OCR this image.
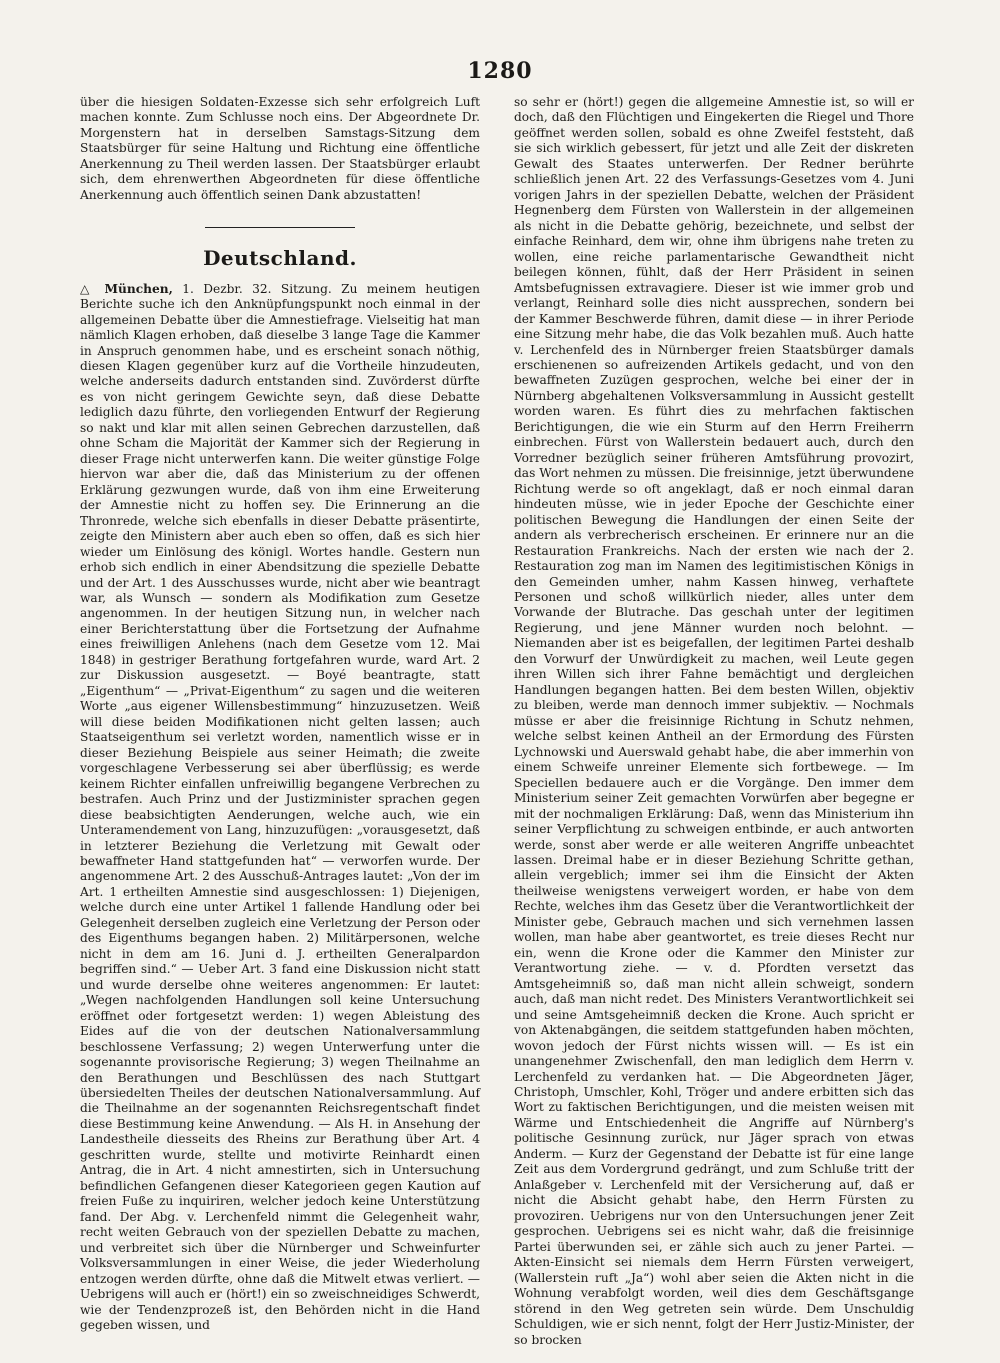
1280

über die hiesigen Soldaten-Exzesse sich sehr erfolgreich Luft machen konnte. Zum Schlusse noch eins. Der Abgeordnete Dr. Morgenstern hat in derselben Samstags-Sitzung dem Staatsbürger für seine Haltung und Richtung eine öffentliche Anerkennung zu Theil werden lassen. Der Staatsbürger erlaubt sich, dem ehrenwerthen Abgeordneten für diese öffentliche Anerkennung auch öffentlich seinen Dank abzustatten!

Deutschland.

△ München, 1. Dezbr. 32. Sitzung. Zu meinem heutigen Berichte suche ich den Anknüpfungspunkt noch einmal in der allgemeinen Debatte über die Amnestiefrage. Vielseitig hat man nämlich Klagen erhoben, daß dieselbe 3 lange Tage die Kammer in Anspruch genommen habe, und es erscheint sonach nöthig, diesen Klagen gegenüber kurz auf die Vortheile hinzudeuten, welche anderseits dadurch entstanden sind. Zuvörderst dürfte es von nicht geringem Gewichte seyn, daß diese Debatte lediglich dazu führte, den vorliegenden Entwurf der Regierung so nakt und klar mit allen seinen Gebrechen darzustellen, daß ohne Scham die Majorität der Kammer sich der Regierung in dieser Frage nicht unterwerfen kann. Die weiter günstige Folge hiervon war aber die, daß das Ministerium zu der offenen Erklärung gezwungen wurde, daß von ihm eine Erweiterung der Amnestie nicht zu hoffen sey. Die Erinnerung an die Thronrede, welche sich ebenfalls in dieser Debatte präsentirte, zeigte den Ministern aber auch eben so offen, daß es sich hier wieder um Einlösung des königl. Wortes handle. Gestern nun erhob sich endlich in einer Abendsitzung die spezielle Debatte und der Art. 1 des Ausschusses wurde, nicht aber wie beantragt war, als Wunsch — sondern als Modifikation zum Gesetze angenommen. In der heutigen Sitzung nun, in welcher nach einer Berichterstattung über die Fortsetzung der Aufnahme eines freiwilligen Anlehens (nach dem Gesetze vom 12. Mai 1848) in gestriger Berathung fortgefahren wurde, ward Art. 2 zur Diskussion ausgesetzt. — Boyé beantragte, statt „Eigenthum“ — „Privat-Eigenthum“ zu sagen und die weiteren Worte „aus eigener Willensbestimmung“ hinzuzusetzen. Weiß will diese beiden Modifikationen nicht gelten lassen; auch Staatseigenthum sei verletzt worden, namentlich wisse er in dieser Beziehung Beispiele aus seiner Heimath; die zweite vorgeschlagene Verbesserung sei aber überflüssig; es werde keinem Richter einfallen unfreiwillig begangene Verbrechen zu bestrafen. Auch Prinz und der Justizminister sprachen gegen diese beabsichtigten Aenderungen, welche auch, wie ein Unteramendement von Lang, hinzuzufügen: „vorausgesetzt, daß in letzterer Beziehung die Verletzung mit Gewalt oder bewaffneter Hand stattgefunden hat“ — verworfen wurde. Der angenommene Art. 2 des Ausschuß-Antrages lautet: „Von der im Art. 1 ertheilten Amnestie sind ausgeschlossen: 1) Diejenigen, welche durch eine unter Artikel 1 fallende Handlung oder bei Gelegenheit derselben zugleich eine Verletzung der Person oder des Eigenthums begangen haben. 2) Militärpersonen, welche nicht in dem am 16. Juni d. J. ertheilten Generalpardon begriffen sind.“ — Ueber Art. 3 fand eine Diskussion nicht statt und wurde derselbe ohne weiteres angenommen: Er lautet: „Wegen nachfolgenden Handlungen soll keine Untersuchung eröffnet oder fortgesetzt werden: 1) wegen Ableistung des Eides auf die von der deutschen Nationalversammlung beschlossene Verfassung; 2) wegen Unterwerfung unter die sogenannte provisorische Regierung; 3) wegen Theilnahme an den Berathungen und Beschlüssen des nach Stuttgart übersiedelten Theiles der deutschen Nationalversammlung. Auf die Theilnahme an der sogenannten Reichsregentschaft findet diese Bestimmung keine Anwendung. — Als H. in Ansehung der Landestheile diesseits des Rheins zur Berathung über Art. 4 geschritten wurde, stellte und motivirte Reinhardt einen Antrag, die in Art. 4 nicht amnestirten, sich in Untersuchung befindlichen Gefangenen dieser Kategorieen gegen Kaution auf freien Fuße zu inquiriren, welcher jedoch keine Unterstützung fand. Der Abg. v. Lerchenfeld nimmt die Gelegenheit wahr, recht weiten Gebrauch von der speziellen Debatte zu machen, und verbreitet sich über die Nürnberger und Schweinfurter Volksversammlungen in einer Weise, die jeder Wiederholung entzogen werden dürfte, ohne daß die Mitwelt etwas verliert. — Uebrigens will auch er (hört!) ein so zweischneidiges Schwerdt, wie der Tendenzprozeß ist, den Behörden nicht in die Hand gegeben wissen, und

so sehr er (hört!) gegen die allgemeine Amnestie ist, so will er doch, daß den Flüchtigen und Eingekerten die Riegel und Thore geöffnet werden sollen, sobald es ohne Zweifel feststeht, daß sie sich wirklich gebessert, für jetzt und alle Zeit der diskreten Gewalt des Staates unterwerfen. Der Redner berührte schließlich jenen Art. 22 des Verfassungs-Gesetzes vom 4. Juni vorigen Jahrs in der speziellen Debatte, welchen der Präsident Hegnenberg dem Fürsten von Wallerstein in der allgemeinen als nicht in die Debatte gehörig, bezeichnete, und selbst der einfache Reinhard, dem wir, ohne ihm übrigens nahe treten zu wollen, eine reiche parlamentarische Gewandtheit nicht beilegen können, fühlt, daß der Herr Präsident in seinen Amtsbefugnissen extravagiere. Dieser ist wie immer grob und verlangt, Reinhard solle dies nicht aussprechen, sondern bei der Kammer Beschwerde führen, damit diese — in ihrer Periode eine Sitzung mehr habe, die das Volk bezahlen muß. Auch hatte v. Lerchenfeld des in Nürnberger freien Staatsbürger damals erschienenen so aufreizenden Artikels gedacht, und von den bewaffneten Zuzügen gesprochen, welche bei einer der in Nürnberg abgehaltenen Volksversammlung in Aussicht gestellt worden waren. Es führt dies zu mehrfachen faktischen Berichtigungen, die wie ein Sturm auf den Herrn Freiherrn einbrechen. Fürst von Wallerstein bedauert auch, durch den Vorredner bezüglich seiner früheren Amtsführung provozirt, das Wort nehmen zu müssen. Die freisinnige, jetzt überwundene Richtung werde so oft angeklagt, daß er noch einmal daran hindeuten müsse, wie in jeder Epoche der Geschichte einer politischen Bewegung die Handlungen der einen Seite der andern als verbrecherisch erscheinen. Er erinnere nur an die Restauration Frankreichs. Nach der ersten wie nach der 2. Restauration zog man im Namen des legitimistischen Königs in den Gemeinden umher, nahm Kassen hinweg, verhaftete Personen und schoß willkürlich nieder, alles unter dem Vorwande der Blutrache. Das geschah unter der legitimen Regierung, und jene Männer wurden noch belohnt. — Niemanden aber ist es beigefallen, der legitimen Partei deshalb den Vorwurf der Unwürdigkeit zu machen, weil Leute gegen ihren Willen sich ihrer Fahne bemächtigt und dergleichen Handlungen begangen hatten. Bei dem besten Willen, objektiv zu bleiben, werde man dennoch immer subjektiv. — Nochmals müsse er aber die freisinnige Richtung in Schutz nehmen, welche selbst keinen Antheil an der Ermordung des Fürsten Lychnowski und Auerswald gehabt habe, die aber immerhin von einem Schweife unreiner Elemente sich fortbewege. — Im Speciellen bedauere auch er die Vorgänge. Den immer dem Ministerium seiner Zeit gemachten Vorwürfen aber begegne er mit der nochmaligen Erklärung: Daß, wenn das Ministerium ihn seiner Verpflichtung zu schweigen entbinde, er auch antworten werde, sonst aber werde er alle weiteren Angriffe unbeachtet lassen. Dreimal habe er in dieser Beziehung Schritte gethan, allein vergeblich; immer sei ihm die Einsicht der Akten theilweise wenigstens verweigert worden, er habe von dem Rechte, welches ihm das Gesetz über die Verantwortlichkeit der Minister gebe, Gebrauch machen und sich vernehmen lassen wollen, man habe aber geantwortet, es treie dieses Recht nur ein, wenn die Krone oder die Kammer den Minister zur Verantwortung ziehe. — v. d. Pfordten versetzt das Amtsgeheimniß so, daß man nicht allein schweigt, sondern auch, daß man nicht redet. Des Ministers Verantwortlichkeit sei und seine Amtsgeheimniß decken die Krone. Auch spricht er von Aktenabgängen, die seitdem stattgefunden haben möchten, wovon jedoch der Fürst nichts wissen will. — Es ist ein unangenehmer Zwischenfall, den man lediglich dem Herrn v. Lerchenfeld zu verdanken hat. — Die Abgeordneten Jäger, Christoph, Umschler, Kohl, Tröger und andere erbitten sich das Wort zu faktischen Berichtigungen, und die meisten weisen mit Wärme und Entschiedenheit die Angriffe auf Nürnberg's politische Gesinnung zurück, nur Jäger sprach von etwas Anderm. — Kurz der Gegenstand der Debatte ist für eine lange Zeit aus dem Vordergrund gedrängt, und zum Schluße tritt der Anlaßgeber v. Lerchenfeld mit der Versicherung auf, daß er nicht die Absicht gehabt habe, den Herrn Fürsten zu provoziren. Uebrigens nur von den Untersuchungen jener Zeit gesprochen. Uebrigens sei es nicht wahr, daß die freisinnige Partei überwunden sei, er zähle sich auch zu jener Partei. — Akten-Einsicht sei niemals dem Herrn Fürsten verweigert, (Wallerstein ruft „Ja“) wohl aber seien die Akten nicht in die Wohnung verabfolgt worden, weil dies dem Geschäftsgange störend in den Weg getreten sein würde. Dem Unschuldig Schuldigen, wie er sich nennt, folgt der Herr Justiz-Minister, der so brocken
